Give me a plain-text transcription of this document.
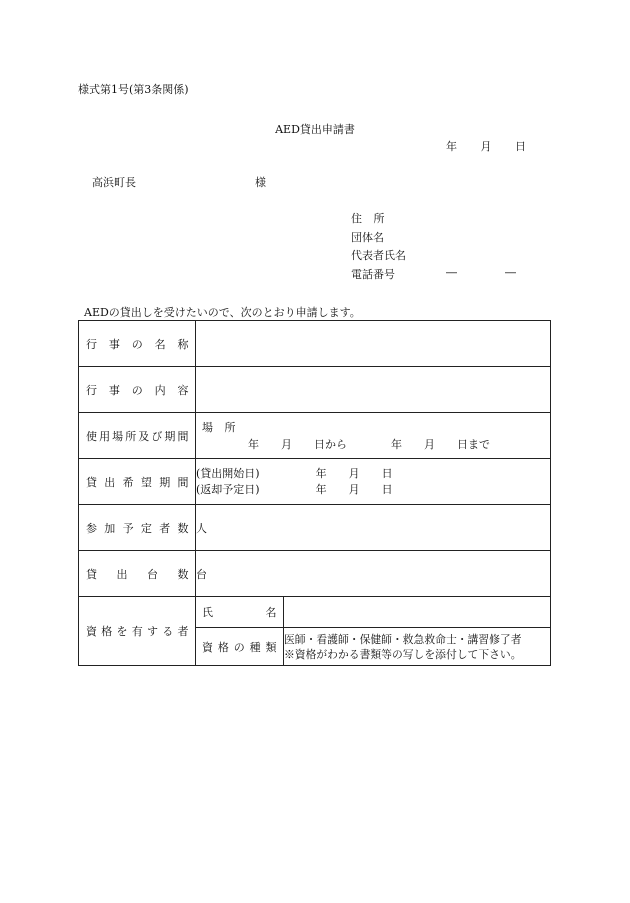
様式第1号(第3条関係)
AED貸出申請書
年 月 日
高浜町長	様
住 所
団体名
代表者氏名
電話番号	―	―
AEDの貸出しを受けたいので、次のとおり申請します。
行事の名称		

行事の内容		

使用場所及び期間	場 所
年　　月　　日から　　　　年　　月　　日まで	

貸出希望期間	(貸出開始日) 年　　月　　日
(返却予定日) 年　　月　　日	

参加予定者数	人	

貸出台数	台	

資格を有する者	氏名	

	資格の種類	医師・看護師・保健師・救急救命士・講習修了者
※資格がわかる書類等の写しを添付して下さい。
